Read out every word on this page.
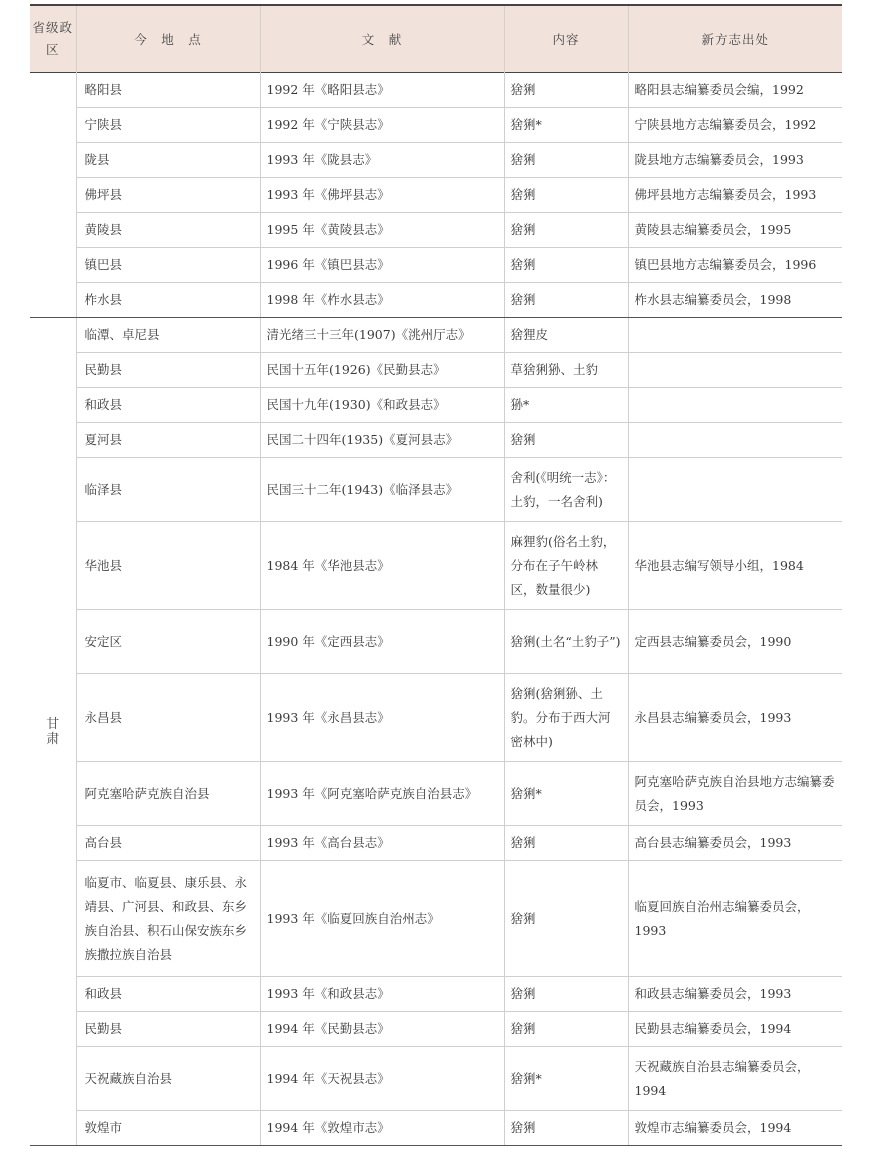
省级政区	今　地　点	文　献	内容	新方志出处
	略阳县	1992 年《略阳县志》	猞猁	略阳县志编纂委员会编，1992
	宁陕县	1992 年《宁陕县志》	猞猁*	宁陕县地方志编纂委员会，1992
	陇县	1993 年《陇县志》	猞猁	陇县地方志编纂委员会，1993
	佛坪县	1993 年《佛坪县志》	猞猁	佛坪县地方志编纂委员会，1993
	黄陵县	1995 年《黄陵县志》	猞猁	黄陵县志编纂委员会，1995
	镇巴县	1996 年《镇巴县志》	猞猁	镇巴县地方志编纂委员会，1996
	柞水县	1998 年《柞水县志》	猞猁	柞水县志编纂委员会，1998
甘肃	临潭、卓尼县	清光绪三十三年(1907)《洮州厅志》	猞狸皮	
	民勤县	民国十五年(1926)《民勤县志》	草猞猁狲、土豹	
	和政县	民国十九年(1930)《和政县志》	狲*	
	夏河县	民国二十四年(1935)《夏河县志》	猞猁	
	临泽县	民国三十二年(1943)《临泽县志》	舍利(《明统一志》：土豹，一名舍利)	
	华池县	1984 年《华池县志》	麻狸豹(俗名土豹，分布在子午岭林区，数量很少)	华池县志编写领导小组，1984
	安定区	1990 年《定西县志》	猞猁(土名“土豹子”)	定西县志编纂委员会，1990
	永昌县	1993 年《永昌县志》	猞猁(猞猁狲、土豹。分布于西大河密林中)	永昌县志编纂委员会，1993
	阿克塞哈萨克族自治县	1993 年《阿克塞哈萨克族自治县志》	猞猁*	阿克塞哈萨克族自治县地方志编纂委员会，1993
	高台县	1993 年《高台县志》	猞猁	高台县志编纂委员会，1993
	临夏市、临夏县、康乐县、永靖县、广河县、和政县、东乡族自治县、积石山保安族东乡族撒拉族自治县	1993 年《临夏回族自治州志》	猞猁	临夏回族自治州志编纂委员会，1993
	和政县	1993 年《和政县志》	猞猁	和政县志编纂委员会，1993
	民勤县	1994 年《民勤县志》	猞猁	民勤县志编纂委员会，1994
	天祝藏族自治县	1994 年《天祝县志》	猞猁*	天祝藏族自治县志编纂委员会，1994
	敦煌市	1994 年《敦煌市志》	猞猁	敦煌市志编纂委员会，1994
